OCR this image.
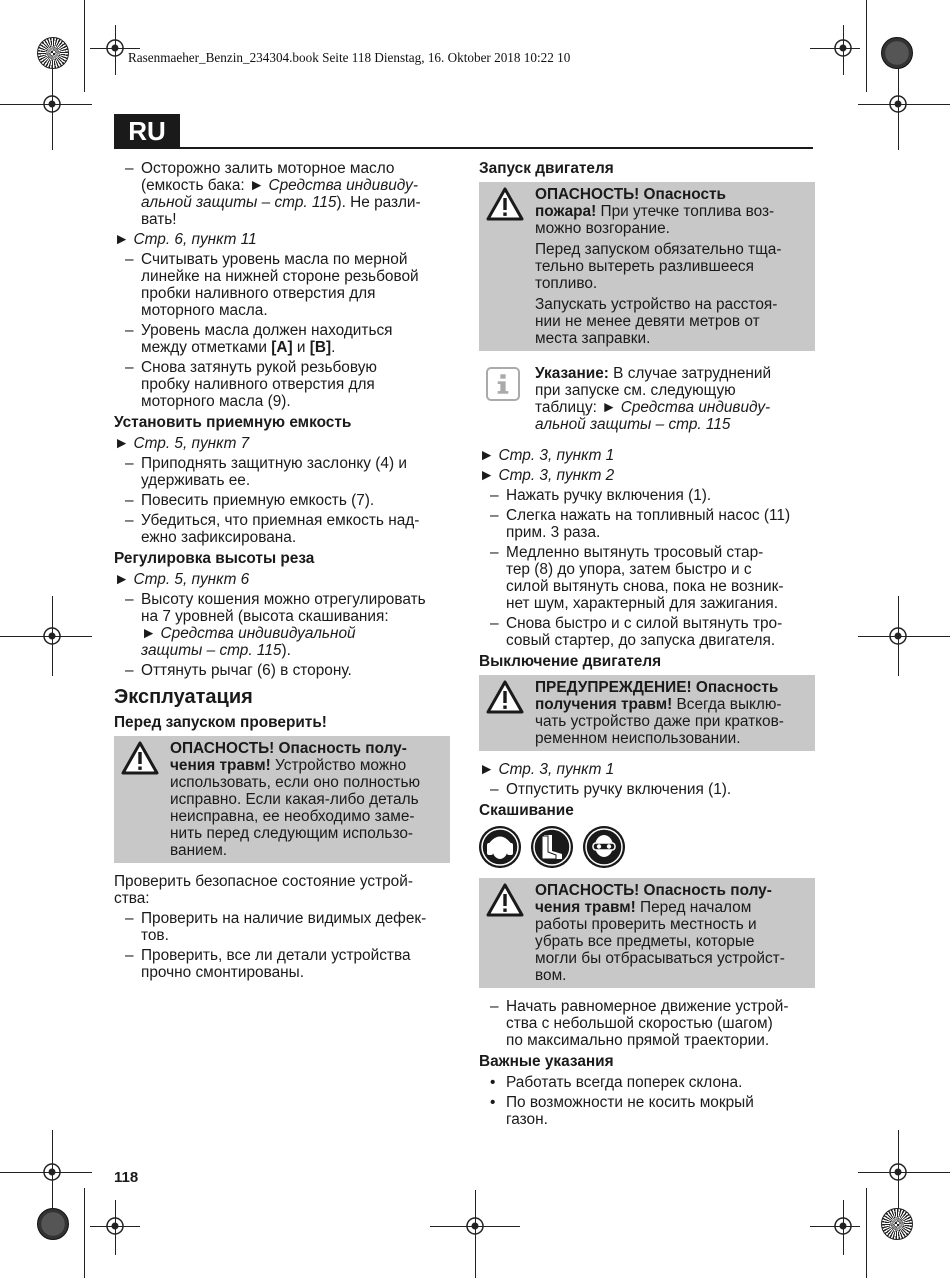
Rasenmaeher_Benzin_234304.book Seite 118 Dienstag, 16. Oktober 2018 10:22 10
RU
– Осторожно залить моторное масло
(емкость бака: ► Средства индивиду-
альной защиты – стр. 115). Не разли-
вать!
► Стр. 6, пункт 11
– Считывать уровень масла по мерной
линейке на нижней стороне резьбовой
пробки наливного отверстия для
моторного масла.
– Уровень масла должен находиться
между отметками [A] и [B].
– Снова затянуть рукой резьбовую
пробку наливного отверстия для
моторного масла (9).
Установить приемную емкость
► Стр. 5, пункт 7
– Приподнять защитную заслонку (4) и
удерживать ее.
– Повесить приемную емкость (7).
– Убедиться, что приемная емкость над-
ежно зафиксирована.
Регулировка высоты реза
► Стр. 5, пункт 6
– Высоту кошения можно отрегулировать
на 7 уровней (высота скашивания:
► Средства индивидуальной
защиты – стр. 115).
– Оттянуть рычаг (6) в сторону.
Эксплуатация
Перед запуском проверить!
ОПАСНОСТЬ! Опасность полу-
чения травм! Устройство можно
использовать, если оно полностью
исправно. Если какая-либо деталь
неисправна, ее необходимо заме-
нить перед следующим использо-
ванием.
Проверить безопасное состояние устрой-
ства:
– Проверить на наличие видимых дефек-
тов.
– Проверить, все ли детали устройства
прочно смонтированы.
Запуск двигателя

ОПАСНОСТЬ! Опасность
пожара! При утечке топлива воз-
можно возгорание.

Перед запуском обязательно тща-
тельно вытереть разлившееся
топливо.

Запускать устройство на расстоя-
нии не менее девяти метров от
места заправки.

Указание: В случае затруднений
при запуске см. следующую
таблицу: ► Средства индивиду-
альной защиты – стр. 115
► Стр. 3, пункт 1
► Стр. 3, пункт 2
– Нажать ручку включения (1).
– Слегка нажать на топливный насос (11)
прим. 3 раза.
– Медленно вытянуть тросовый стар-
тер (8) до упора, затем быстро и с
силой вытянуть снова, пока не возник-
нет шум, характерный для зажигания.
– Снова быстро и с силой вытянуть тро-
совый стартер, до запуска двигателя.
Выключение двигателя
ПРЕДУПРЕЖДЕНИЕ! Опасность
получения травм! Всегда выклю-
чать устройство даже при кратков-
ременном неиспользовании.
► Стр. 3, пункт 1
– Отпустить ручку включения (1).
Скашивание
ОПАСНОСТЬ! Опасность полу-
чения травм! Перед началом
работы проверить местность и
убрать все предметы, которые
могли бы отбрасываться устройст-
вом.
– Начать равномерное движение устрой-
ства с небольшой скоростью (шагом)
по максимально прямой траектории.
Важные указания
• Работать всегда поперек склона.
• По возможности не косить мокрый
газон.
118
